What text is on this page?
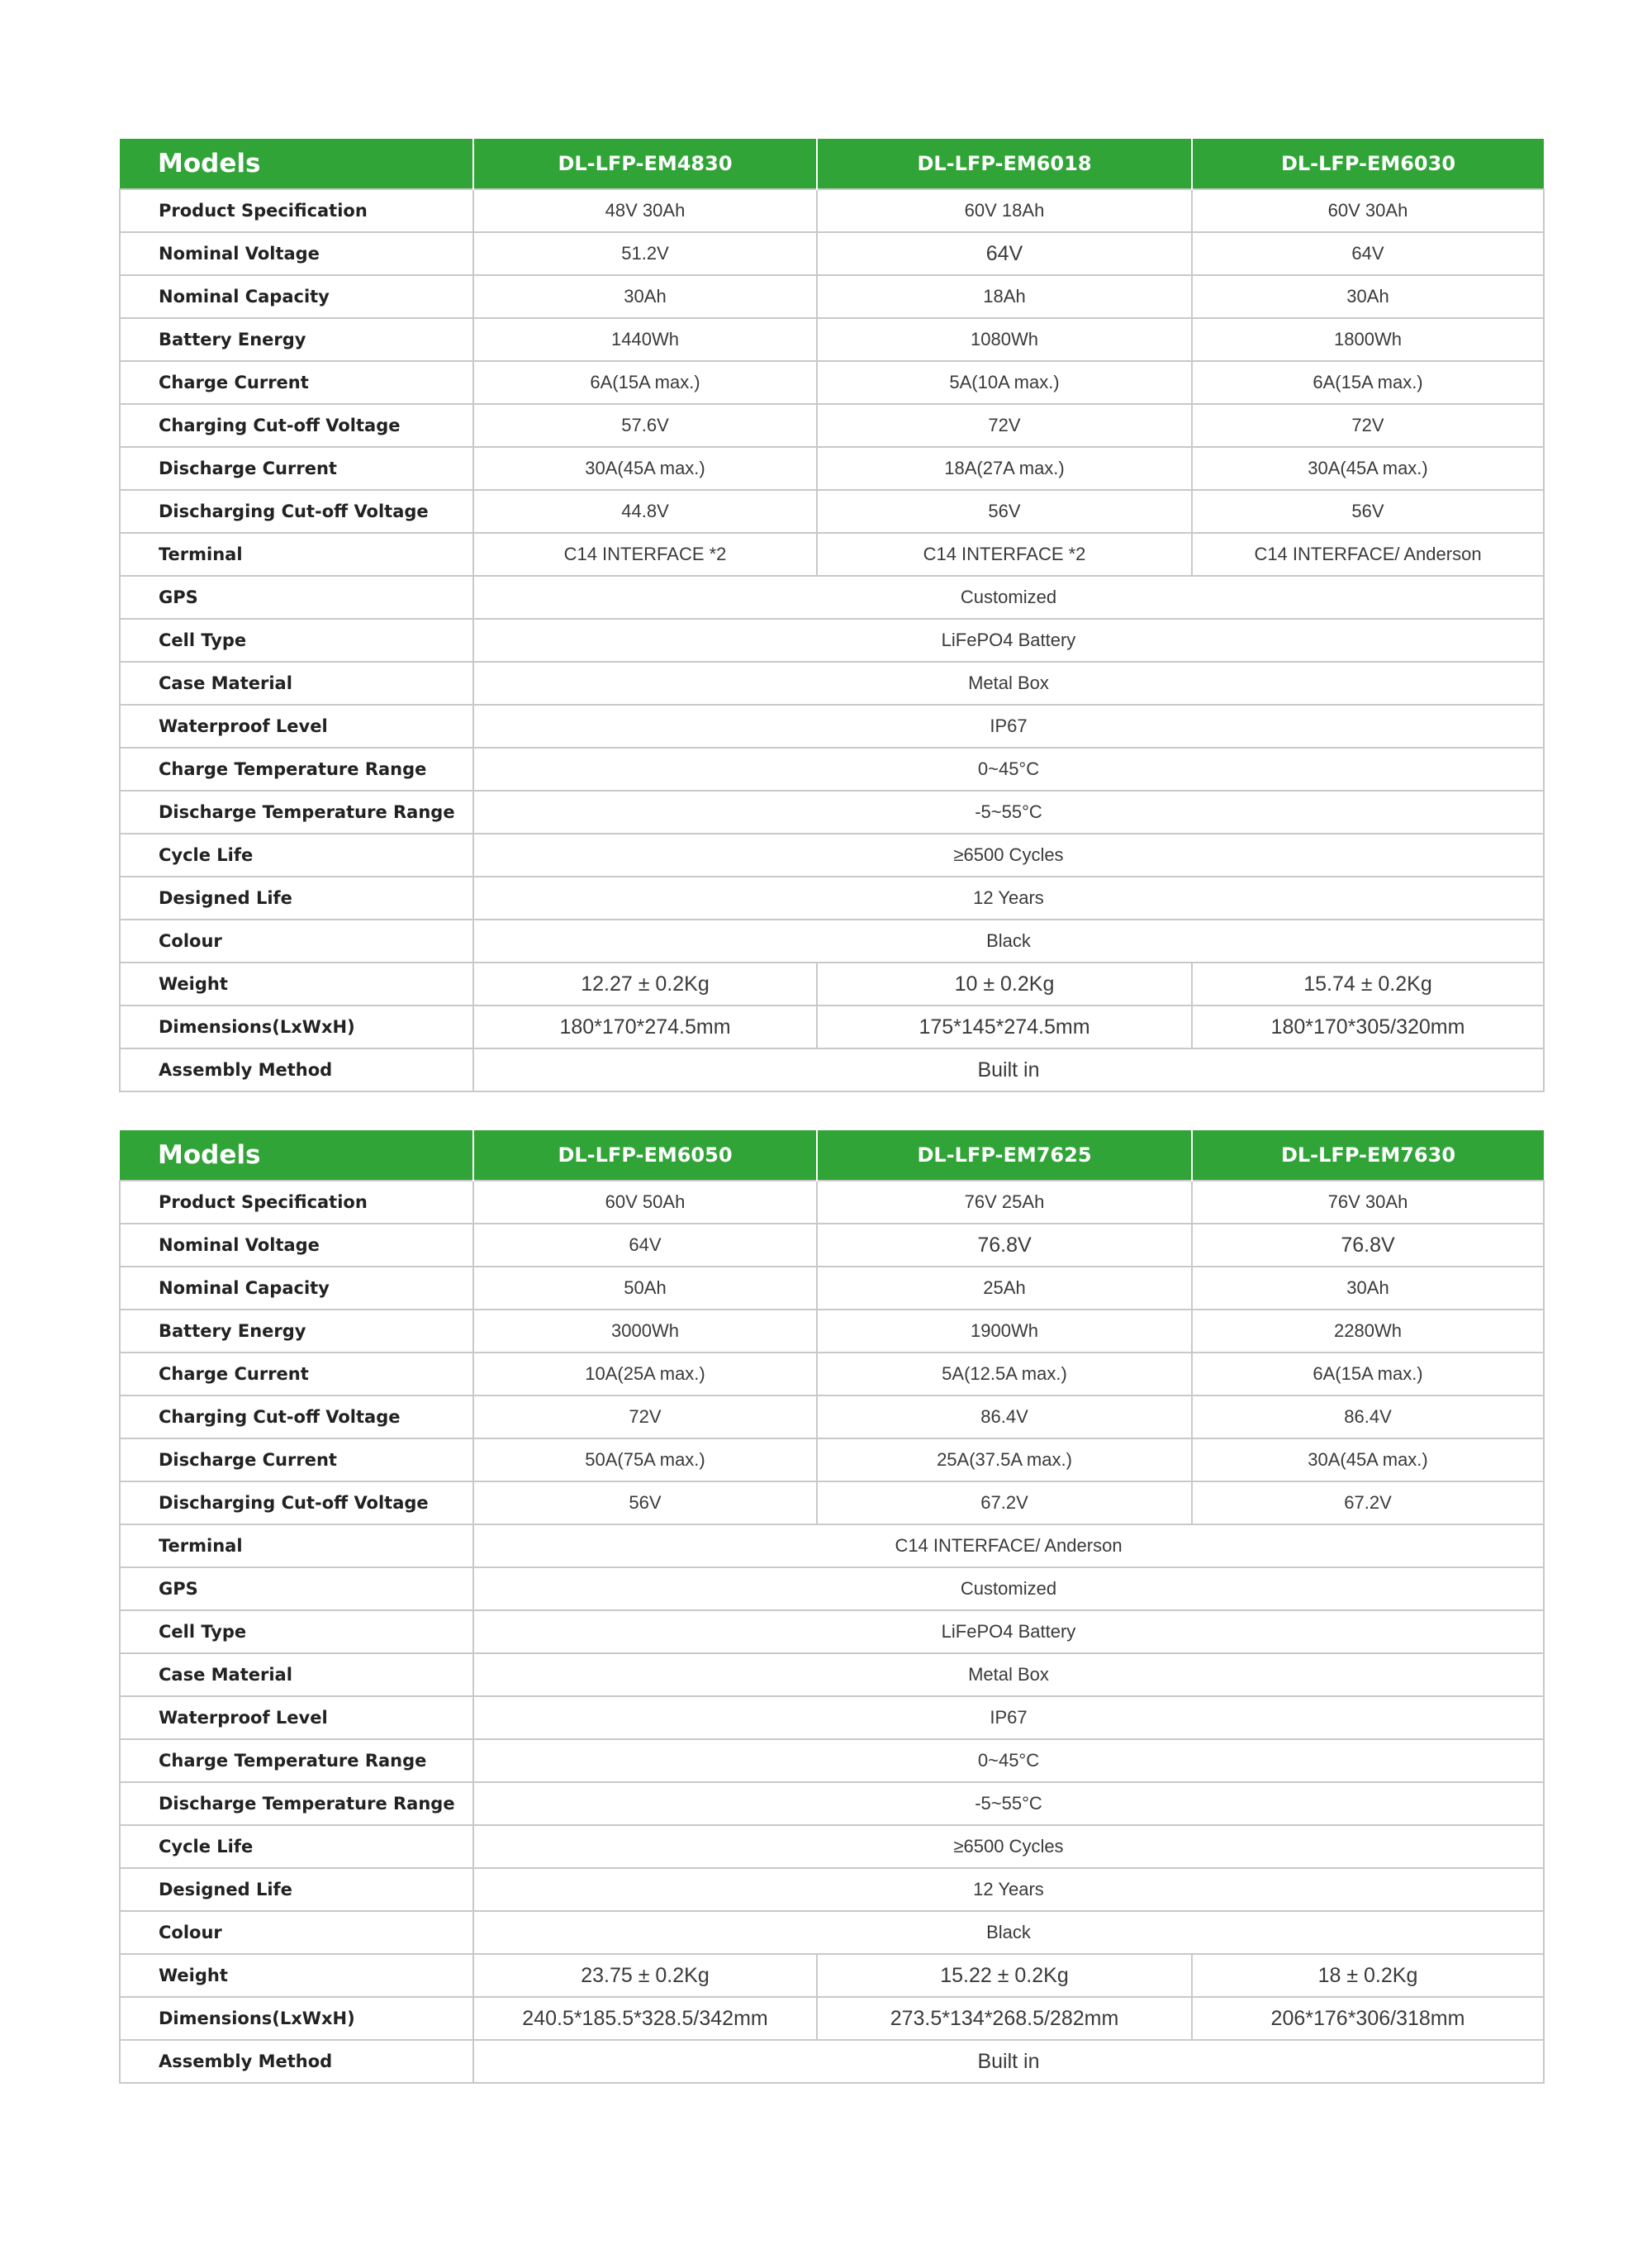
Models	DL-LFP-EM4830	DL-LFP-EM6018	DL-LFP-EM6030
Product Specification	48V 30Ah	60V 18Ah	60V 30Ah
Nominal Voltage	51.2V	64V	64V
Nominal Capacity	30Ah	18Ah	30Ah
Battery Energy	1440Wh	1080Wh	1800Wh
Charge Current	6A(15A max.)	5A(10A max.)	6A(15A max.)
Charging Cut-off Voltage	57.6V	72V	72V
Discharge Current	30A(45A max.)	18A(27A max.)	30A(45A max.)
Discharging Cut-off Voltage	44.8V	56V	56V
Terminal	C14 INTERFACE *2	C14 INTERFACE *2	C14 INTERFACE/ Anderson
GPS	Customized		
Cell Type	LiFePO4 Battery		
Case Material	Metal Box		
Waterproof Level	IP67		
Charge Temperature Range	0~45°C		
Discharge Temperature Range	-5~55°C		
Cycle Life	≥6500 Cycles		
Designed Life	12 Years		
Colour	Black		
Weight	12.27 ± 0.2Kg	10 ± 0.2Kg	15.74 ± 0.2Kg
Dimensions(LxWxH)	180*170*274.5mm	175*145*274.5mm	180*170*305/320mm
Assembly Method	Built in		
Models	DL-LFP-EM6050	DL-LFP-EM7625	DL-LFP-EM7630
Product Specification	60V 50Ah	76V 25Ah	76V 30Ah
Nominal Voltage	64V	76.8V	76.8V
Nominal Capacity	50Ah	25Ah	30Ah
Battery Energy	3000Wh	1900Wh	2280Wh
Charge Current	10A(25A max.)	5A(12.5A max.)	6A(15A max.)
Charging Cut-off Voltage	72V	86.4V	86.4V
Discharge Current	50A(75A max.)	25A(37.5A max.)	30A(45A max.)
Discharging Cut-off Voltage	56V	67.2V	67.2V
Terminal	C14 INTERFACE/ Anderson		
GPS	Customized		
Cell Type	LiFePO4 Battery		
Case Material	Metal Box		
Waterproof Level	IP67		
Charge Temperature Range	0~45°C		
Discharge Temperature Range	-5~55°C		
Cycle Life	≥6500 Cycles		
Designed Life	12 Years		
Colour	Black		
Weight	23.75 ± 0.2Kg	15.22 ± 0.2Kg	18 ± 0.2Kg
Dimensions(LxWxH)	240.5*185.5*328.5/342mm	273.5*134*268.5/282mm	206*176*306/318mm
Assembly Method	Built in		
